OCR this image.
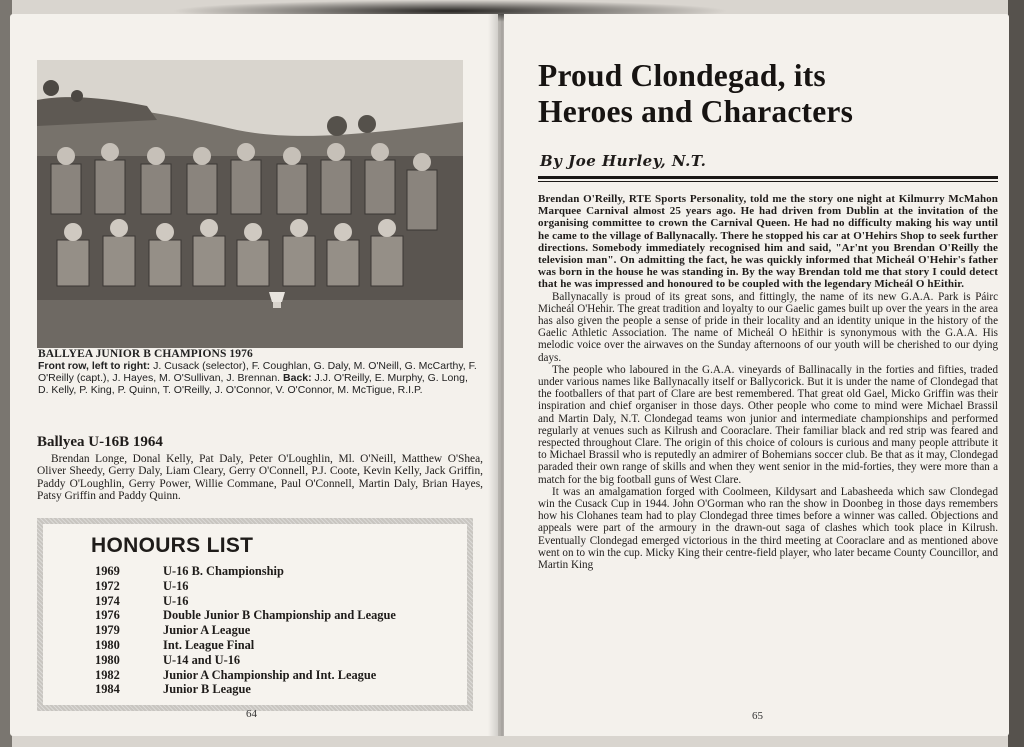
BALLYEA JUNIOR B CHAMPIONS 1976
Front row, left to right: J. Cusack (selector), F. Coughlan, G. Daly, M. O'Neill, G. McCarthy, F. O'Reilly (capt.), J. Hayes, M. O'Sullivan, J. Brennan. Back: J.J. O'Reilly, E. Murphy, G. Long, D. Kelly, P. King, P. Quinn, T. O'Reilly, J. O'Connor, V. O'Connor, M. McTigue, R.I.P.
Ballyea U-16B 1964
Brendan Longe, Donal Kelly, Pat Daly, Peter O'Loughlin, Ml. O'Neill, Matthew O'Shea, Oliver Sheedy, Gerry Daly, Liam Cleary, Gerry O'Connell, P.J. Coote, Kevin Kelly, Jack Griffin, Paddy O'Loughlin, Gerry Power, Willie Commane, Paul O'Connell, Martin Daly, Brian Hayes, Patsy Griffin and Paddy Quinn.
HONOURS LIST
1969	U-16 B. Championship
1972	U-16
1974	U-16
1976	Double Junior B Championship and League
1979	Junior A League
1980	Int. League Final
1980	U-14 and U-16
1982	Junior A Championship and Int. League
1984	Junior B League
64
Proud Clondegad, its
Heroes and Characters
By Joe Hurley, N.T.

Brendan O'Reilly, RTE Sports Personality, told me the story one night at Kilmurry McMahon Marquee Carnival almost 25 years ago. He had driven from Dublin at the invitation of the organising committee to crown the Carnival Queen. He had no difficulty making his way until he came to the village of Ballynacally. There he stopped his car at O'Hehirs Shop to seek further directions. Somebody immediately recognised him and said, "Ar'nt you Brendan O'Reilly the television man". On admitting the fact, he was quickly informed that Micheál O'Hehir's father was born in the house he was standing in. By the way Brendan told me that story I could detect that he was impressed and honoured to be coupled with the legendary Micheál O hEithir.

Ballynacally is proud of its great sons, and fittingly, the name of its new G.A.A. Park is Páirc Micheál O'Hehir. The great tradition and loyalty to our Gaelic games built up over the years in the area has also given the people a sense of pride in their locality and an identity unique in the history of the Gaelic Athletic Association. The name of Micheál O hEithir is synonymous with the G.A.A. His melodic voice over the airwaves on the Sunday afternoons of our youth will be cherished to our dying days.

The people who laboured in the G.A.A. vineyards of Ballinacally in the forties and fifties, traded under various names like Ballynacally itself or Ballycorick. But it is under the name of Clondegad that the footballers of that part of Clare are best remembered. That great old Gael, Micko Griffin was their inspiration and chief organiser in those days. Other people who come to mind were Michael Brassil and Martin Daly, N.T. Clondegad teams won junior and intermediate championships and performed regularly at venues such as Kilrush and Cooraclare. Their familiar black and red strip was feared and respected throughout Clare. The origin of this choice of colours is curious and many people attribute it to Michael Brassil who is reputedly an admirer of Bohemians soccer club. Be that as it may, Clondegad paraded their own range of skills and when they went senior in the mid-forties, they were more than a match for the big football guns of West Clare.

It was an amalgamation forged with Coolmeen, Kildysart and Labasheeda which saw Clondegad win the Cusack Cup in 1944. John O'Gorman who ran the show in Doonbeg in those days remembers how his Clohanes team had to play Clondegad three times before a winner was called. Objections and appeals were part of the armoury in the drawn-out saga of clashes which took place in Kilrush. Eventually Clondegad emerged victorious in the third meeting at Cooraclare and as mentioned above went on to win the cup. Micky King their centre-field player, who later became County Councillor, and Martin King

65
